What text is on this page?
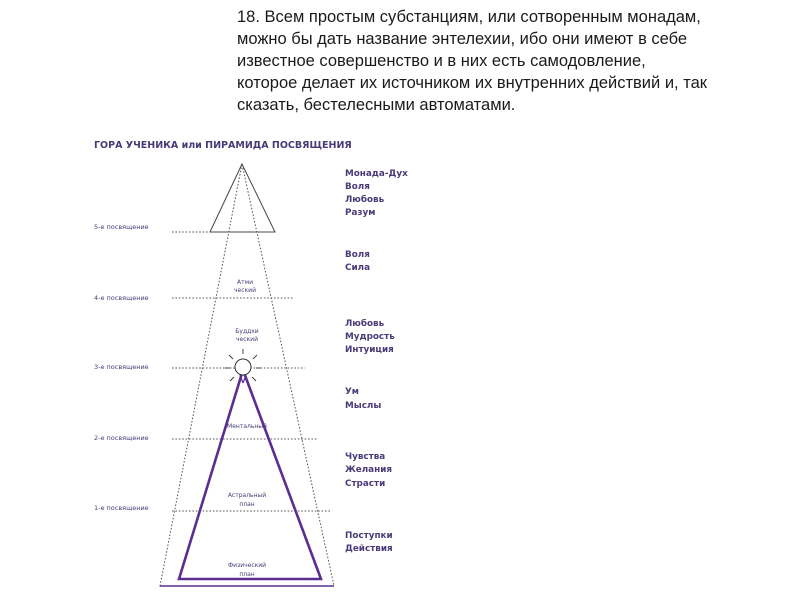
18. Всем простым субстанциям, или сотворенным монадам,
можно бы дать название энтелехии, ибо они имеют в себе
известное совершенство и в них есть самодовление,
которое делает их источником их внутренних действий и, так
сказать, бестелесными автоматами.
ГОРА УЧЕНИКА или ПИРАМИДА ПОСВЯЩЕНИЯ
5-е посвящение
4-е посвящение
3-е посвящение
2-е посвящение
1-е посвящение
Атми
ческий
Буддхи
ческий
Ментальный
Астральный
план
Физический
план
Монада-Дух
Воля
Любовь
Разум
Воля
Сила
Любовь
Мудрость
Интуиция
Ум
Мыслы
Чувства
Желания
Страсти
Поступки
Действия
